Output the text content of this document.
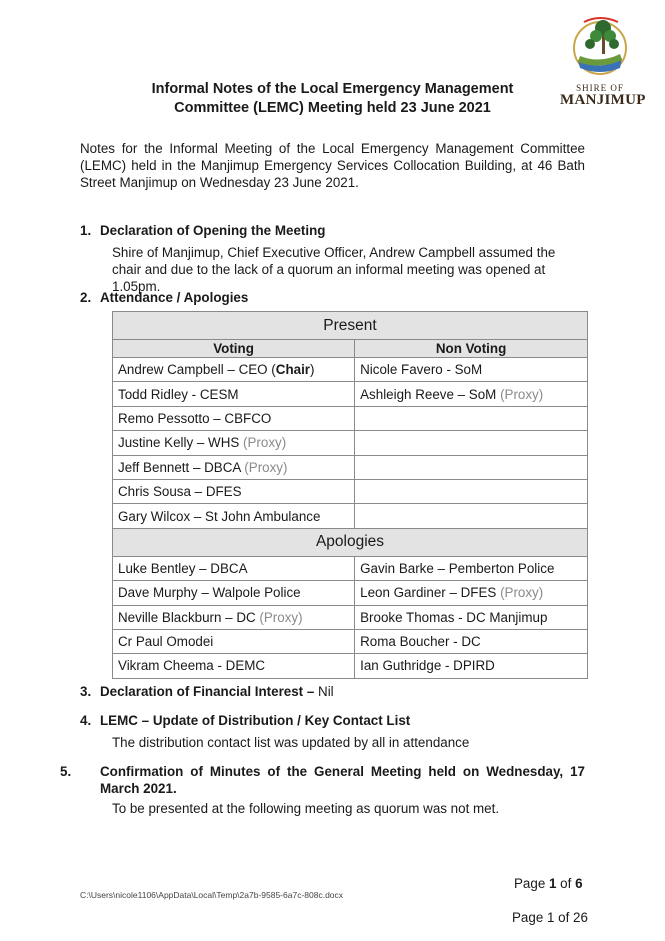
SHIRE OF
MANJIMUP
Informal Notes of the Local Emergency Management
Committee (LEMC) Meeting held 23 June 2021
Notes for the Informal Meeting of the Local Emergency Management Committee (LEMC) held in the Manjimup Emergency Services Collocation Building, at 46 Bath Street Manjimup on Wednesday 23 June 2021.
1. Declaration of Opening the Meeting
Shire of Manjimup, Chief Executive Officer, Andrew Campbell assumed the chair and due to the lack of a quorum an informal meeting was opened at 1.05pm.
2. Attendance / Apologies
Present	
Voting	Non Voting
Andrew Campbell – CEO (Chair)	Nicole Favero - SoM
Todd Ridley - CESM	Ashleigh Reeve – SoM (Proxy)
Remo Pessotto – CBFCO	
Justine Kelly – WHS (Proxy)	
Jeff Bennett – DBCA (Proxy)	
Chris Sousa – DFES	
Gary Wilcox – St John Ambulance	
Apologies	
Luke Bentley – DBCA	Gavin Barke – Pemberton Police
Dave Murphy – Walpole Police	Leon Gardiner – DFES (Proxy)
Neville Blackburn – DC (Proxy)	Brooke Thomas - DC Manjimup
Cr Paul Omodei	Roma Boucher - DC
Vikram Cheema - DEMC	Ian Guthridge - DPIRD
3. Declaration of Financial Interest – Nil
4. LEMC – Update of Distribution / Key Contact List
The distribution contact list was updated by all in attendance
5. Confirmation of Minutes of the General Meeting held on Wednesday, 17 March 2021.
To be presented at the following meeting as quorum was not met.
Page 1 of 6
C:\Users\nicole1106\AppData\Local\Temp\2a7b-9585-6a7c-808c.docx
Page 1 of 26
